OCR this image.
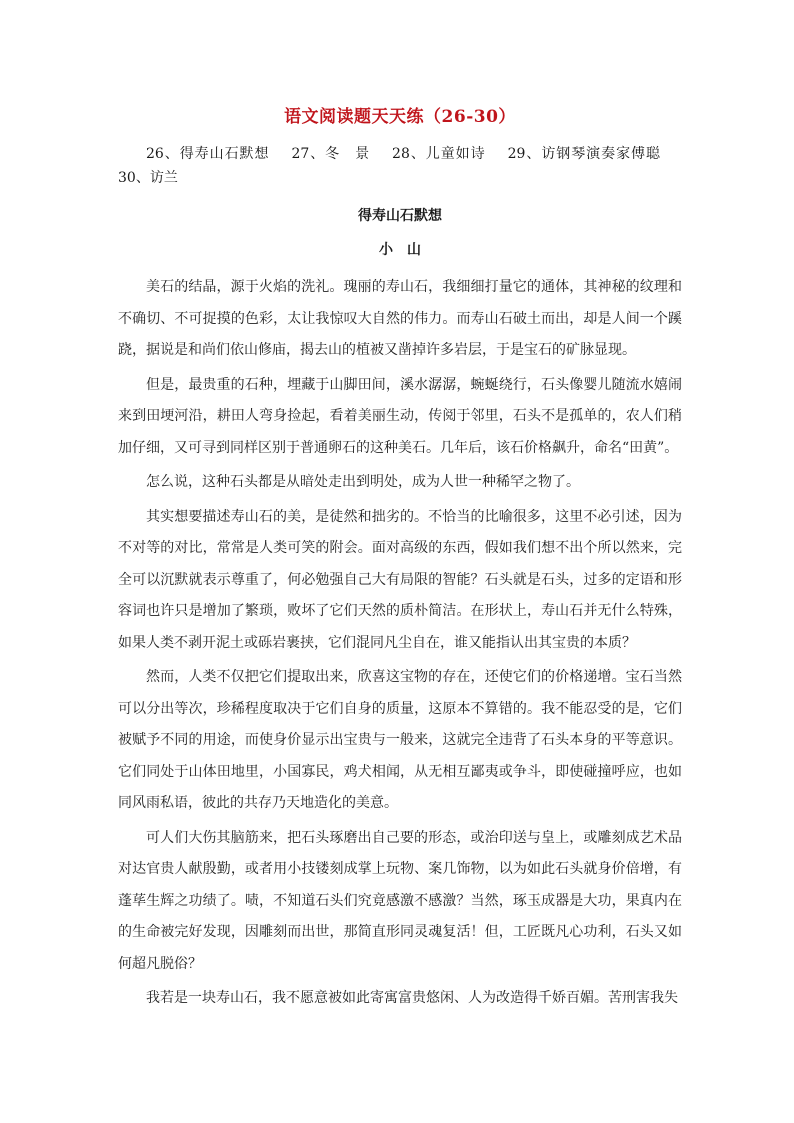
语文阅读题天天练（26-30）

26、得寿山石默想 27、冬　景 28、儿童如诗 29、访钢琴演奏家傅聪30、访兰

得寿山石默想
小山

美石的结晶，源于火焰的洗礼。瑰丽的寿山石，我细细打量它的通体，其神秘的纹理和不确切、不可捉摸的色彩，太让我惊叹大自然的伟力。而寿山石破土而出，却是人间一个蹊跷，据说是和尚们依山修庙，揭去山的植被又凿掉许多岩层，于是宝石的矿脉显现。

但是，最贵重的石种，埋藏于山脚田间，溪水潺潺，蜿蜒绕行，石头像婴儿随流水嬉闹来到田埂河沿，耕田人弯身捡起，看着美丽生动，传阅于邻里，石头不是孤单的，农人们稍加仔细，又可寻到同样区别于普通卵石的这种美石。几年后，该石价格飙升，命名“田黄”。

怎么说，这种石头都是从暗处走出到明处，成为人世一种稀罕之物了。

其实想要描述寿山石的美，是徒然和拙劣的。不恰当的比喻很多，这里不必引述，因为不对等的对比，常常是人类可笑的附会。面对高级的东西，假如我们想不出个所以然来，完全可以沉默就表示尊重了，何必勉强自己大有局限的智能？石头就是石头，过多的定语和形容词也许只是增加了繁琐，败坏了它们天然的质朴简洁。在形状上，寿山石并无什么特殊，如果人类不剥开泥土或砾岩裹挟，它们混同凡尘自在，谁又能指认出其宝贵的本质？

然而，人类不仅把它们提取出来，欣喜这宝物的存在，还使它们的价格递增。宝石当然可以分出等次，珍稀程度取决于它们自身的质量，这原本不算错的。我不能忍受的是，它们被赋予不同的用途，而使身价显示出宝贵与一般来，这就完全违背了石头本身的平等意识。它们同处于山体田地里，小国寡民，鸡犬相闻，从无相互鄙夷或争斗，即使碰撞呼应，也如同风雨私语，彼此的共存乃天地造化的美意。

可人们大伤其脑筋来，把石头琢磨出自己要的形态，或治印送与皇上，或雕刻成艺术品对达官贵人献殷勤，或者用小技镂刻成掌上玩物、案几饰物，以为如此石头就身价倍增，有蓬荜生辉之功绩了。啧，不知道石头们究竟感激不感激？当然，琢玉成器是大功，果真内在的生命被完好发现，因雕刻而出世，那简直形同灵魂复活！但，工匠既凡心功利，石头又如何超凡脱俗？

我若是一块寿山石，我不愿意被如此寄寓富贵悠闲、人为改造得千娇百媚。苦刑害我失
